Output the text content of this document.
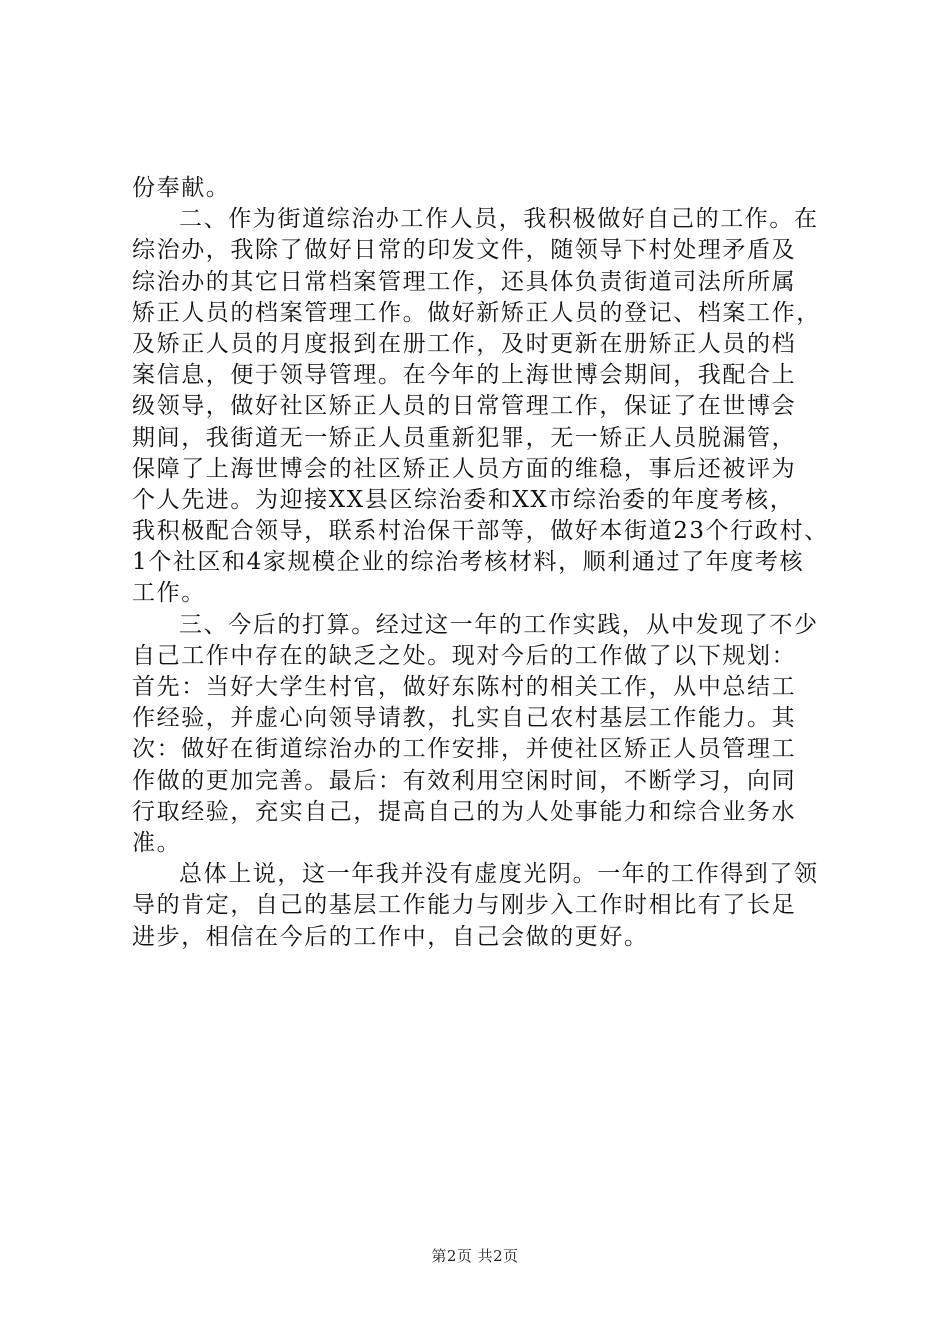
份奉献。
二、作为街道综治办工作人员，我积极做好自己的工作。在
综治办，我除了做好日常的印发文件，随领导下村处理矛盾及
综治办的其它日常档案管理工作，还具体负责街道司法所所属
矫正人员的档案管理工作。做好新矫正人员的登记、档案工作，
及矫正人员的月度报到在册工作，及时更新在册矫正人员的档
案信息，便于领导管理。在今年的上海世博会期间，我配合上
级领导，做好社区矫正人员的日常管理工作，保证了在世博会
期间，我街道无一矫正人员重新犯罪，无一矫正人员脱漏管，
保障了上海世博会的社区矫正人员方面的维稳，事后还被评为
个人先进。为迎接XX县区综治委和XX市综治委的年度考核，
我积极配合领导，联系村治保干部等，做好本街道23个行政村、
1个社区和4家规模企业的综治考核材料，顺利通过了年度考核
工作。
三、今后的打算。经过这一年的工作实践，从中发现了不少
自己工作中存在的缺乏之处。现对今后的工作做了以下规划：
首先：当好大学生村官，做好东陈村的相关工作，从中总结工
作经验，并虚心向领导请教，扎实自己农村基层工作能力。其
次：做好在街道综治办的工作安排，并使社区矫正人员管理工
作做的更加完善。最后：有效利用空闲时间，不断学习，向同
行取经验，充实自己，提高自己的为人处事能力和综合业务水
准。
总体上说，这一年我并没有虚度光阴。一年的工作得到了领
导的肯定，自己的基层工作能力与刚步入工作时相比有了长足
进步，相信在今后的工作中，自己会做的更好。
第2页 共2页
